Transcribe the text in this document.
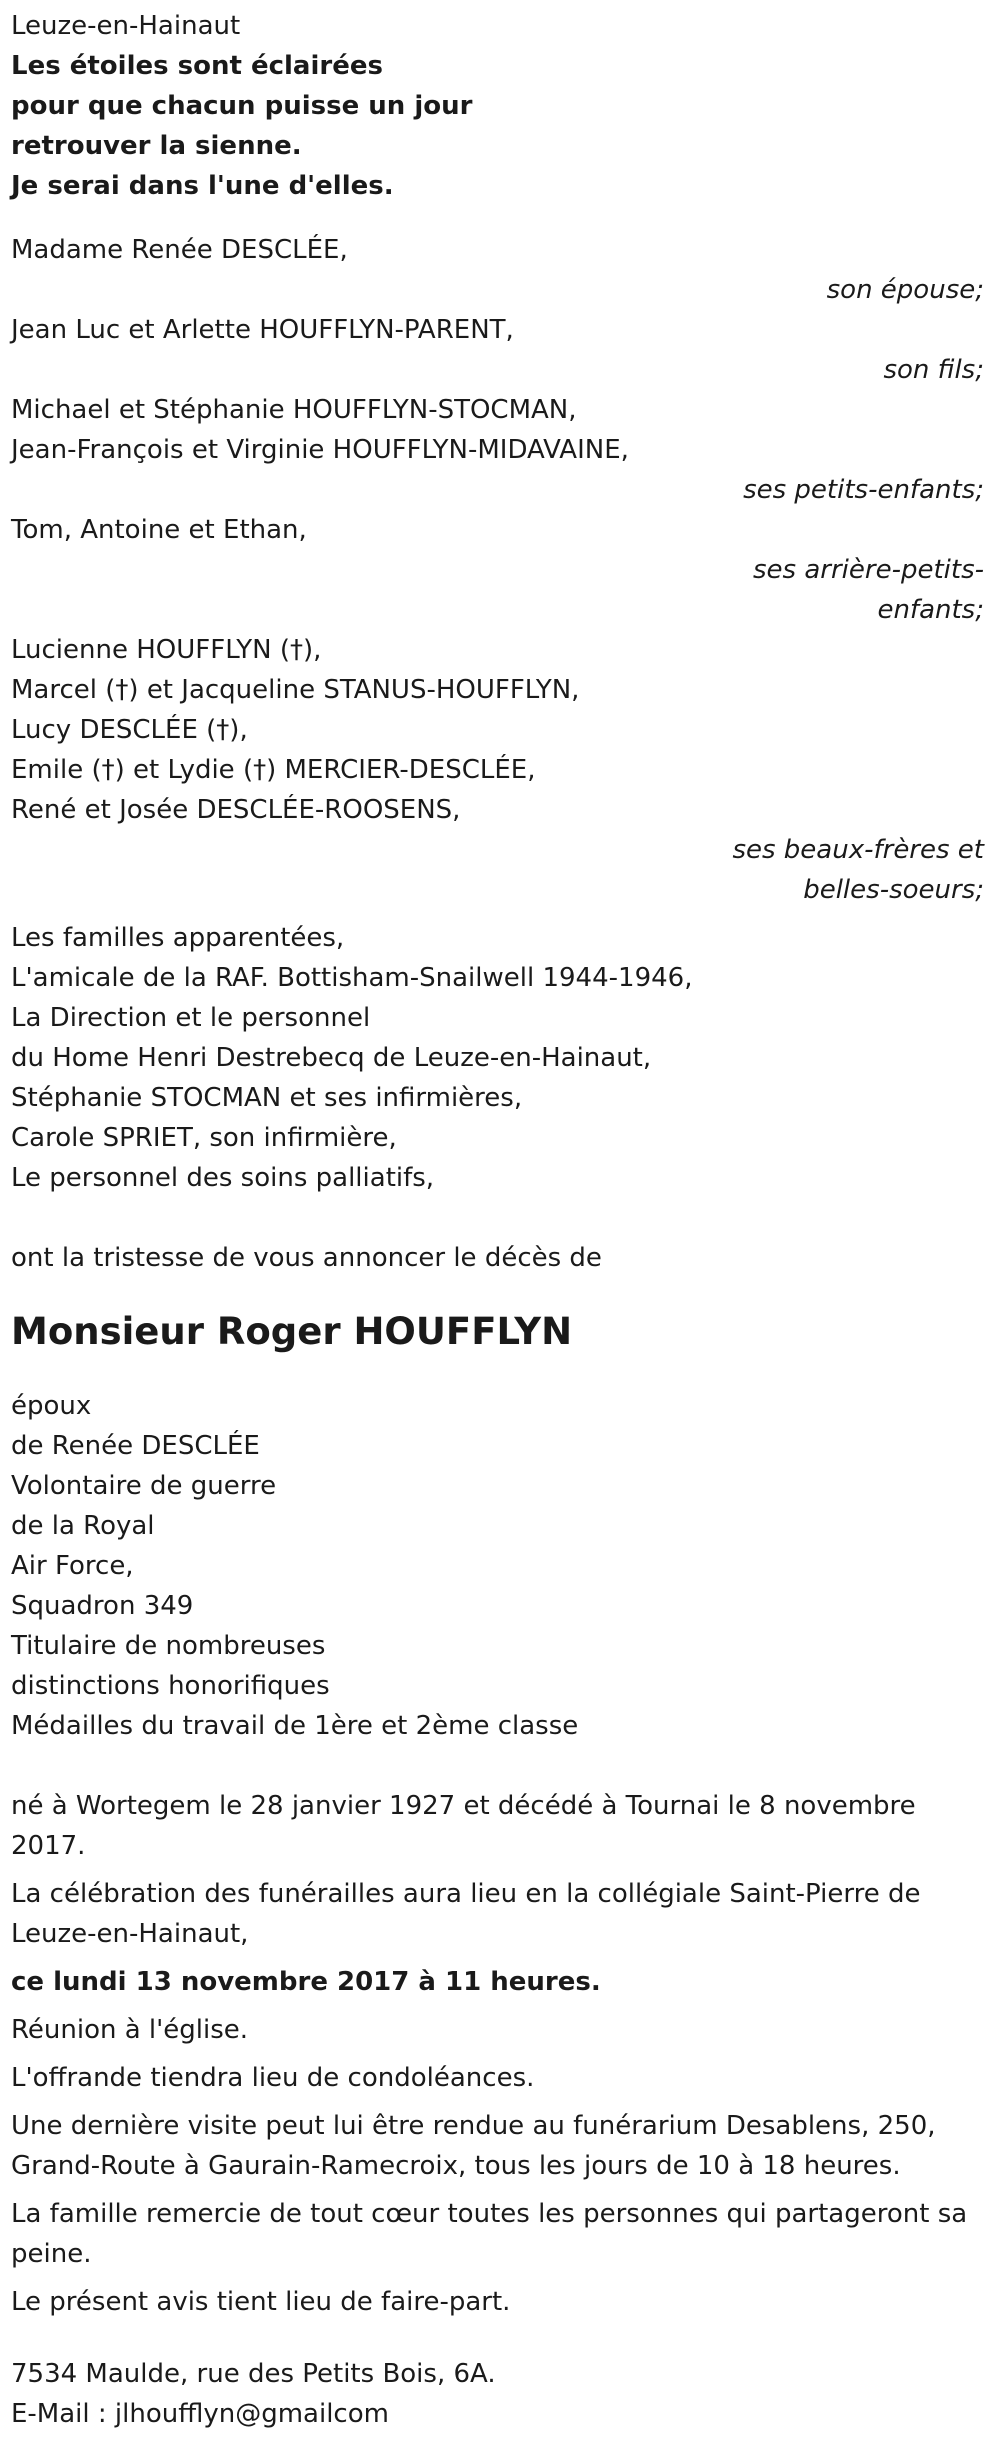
Leuze-en-Hainaut
Les étoiles sont éclairées
pour que chacun puisse un jour
retrouver la sienne.
Je serai dans l'une d'elles.
Madame Renée DESCLÉE,
son épouse;
Jean Luc et Arlette HOUFFLYN-PARENT,
son fils;
Michael et Stéphanie HOUFFLYN-STOCMAN,
Jean-François et Virginie HOUFFLYN-MIDAVAINE,
ses petits-enfants;
Tom, Antoine et Ethan,
ses arrière-petits-
enfants;
Lucienne HOUFFLYN (†),
Marcel (†) et Jacqueline STANUS-HOUFFLYN,
Lucy DESCLÉE (†),
Emile (†) et Lydie (†) MERCIER-DESCLÉE,
René et Josée DESCLÉE-ROOSENS,
ses beaux-frères et
belles-soeurs;
Les familles apparentées,
L'amicale de la RAF. Bottisham-Snailwell 1944-1946,
La Direction et le personnel
du Home Henri Destrebecq de Leuze-en-Hainaut,
Stéphanie STOCMAN et ses infirmières,
Carole SPRIET, son infirmière,
Le personnel des soins palliatifs,
ont la tristesse de vous annoncer le décès de
Monsieur Roger HOUFFLYN
époux
de Renée DESCLÉE
Volontaire de guerre
de la Royal
Air Force,
Squadron 349
Titulaire de nombreuses
distinctions honorifiques
Médailles du travail de 1ère et 2ème classe
né à Wortegem le 28 janvier 1927 et décédé à Tournai le 8 novembre 2017.
La célébration des funérailles aura lieu en la collégiale Saint-Pierre de Leuze-en-Hainaut,
ce lundi 13 novembre 2017 à 11 heures.
Réunion à l'église.
L'offrande tiendra lieu de condoléances.
Une dernière visite peut lui être rendue au funérarium Desablens, 250, Grand-Route à Gaurain-Ramecroix, tous les jours de 10 à 18 heures.
La famille remercie de tout cœur toutes les personnes qui partageront sa peine.
Le présent avis tient lieu de faire-part.
7534 Maulde, rue des Petits Bois, 6A.
E-Mail : jlhoufflyn@gmailcom
